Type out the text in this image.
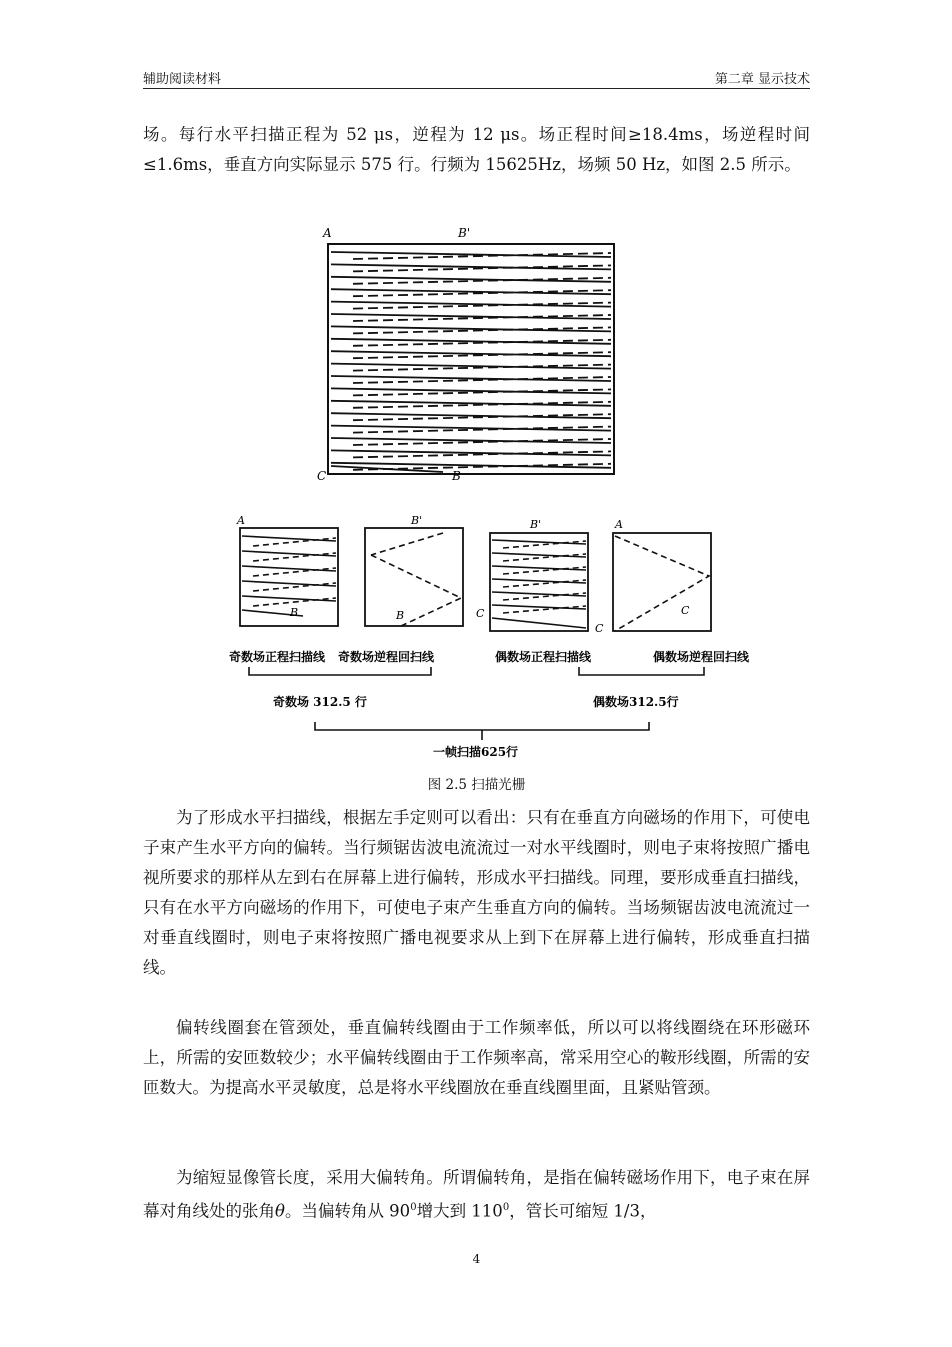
辅助阅读材料	第二章 显示技术

场。每行水平扫描正程为 52 μs，逆程为 12 μs。场正程时间≥18.4ms，场逆程时间≤1.6ms，垂直方向实际显示 575 行。行频为 15625Hz，场频 50 Hz，如图 2.5 所示。

A	B'
C	B
A
B
B'
B
B'
C
A
C
C
奇数场正程扫描线 奇数场逆程回扫线	偶数场正程扫描线	偶数场逆程回扫线
奇数场 312.5 行	偶数场312.5行
一帧扫描625行
图 2.5 扫描光栅

为了形成水平扫描线，根据左手定则可以看出：只有在垂直方向磁场的作用下，可使电子束产生水平方向的偏转。当行频锯齿波电流流过一对水平线圈时，则电子束将按照广播电视所要求的那样从左到右在屏幕上进行偏转，形成水平扫描线。同理，要形成垂直扫描线，只有在水平方向磁场的作用下，可使电子束产生垂直方向的偏转。当场频锯齿波电流流过一对垂直线圈时，则电子束将按照广播电视要求从上到下在屏幕上进行偏转，形成垂直扫描线。

偏转线圈套在管颈处，垂直偏转线圈由于工作频率低，所以可以将线圈绕在环形磁环上，所需的安匝数较少；水平偏转线圈由于工作频率高，常采用空心的鞍形线圈，所需的安匝数大。为提高水平灵敏度，总是将水平线圈放在垂直线圈里面，且紧贴管颈。

为缩短显像管长度，采用大偏转角。所谓偏转角，是指在偏转磁场作用下，电子束在屏幕对角线处的张角θ。当偏转角从 $90^0$增大到 $110^0$，管长可缩短 1/3，

4
